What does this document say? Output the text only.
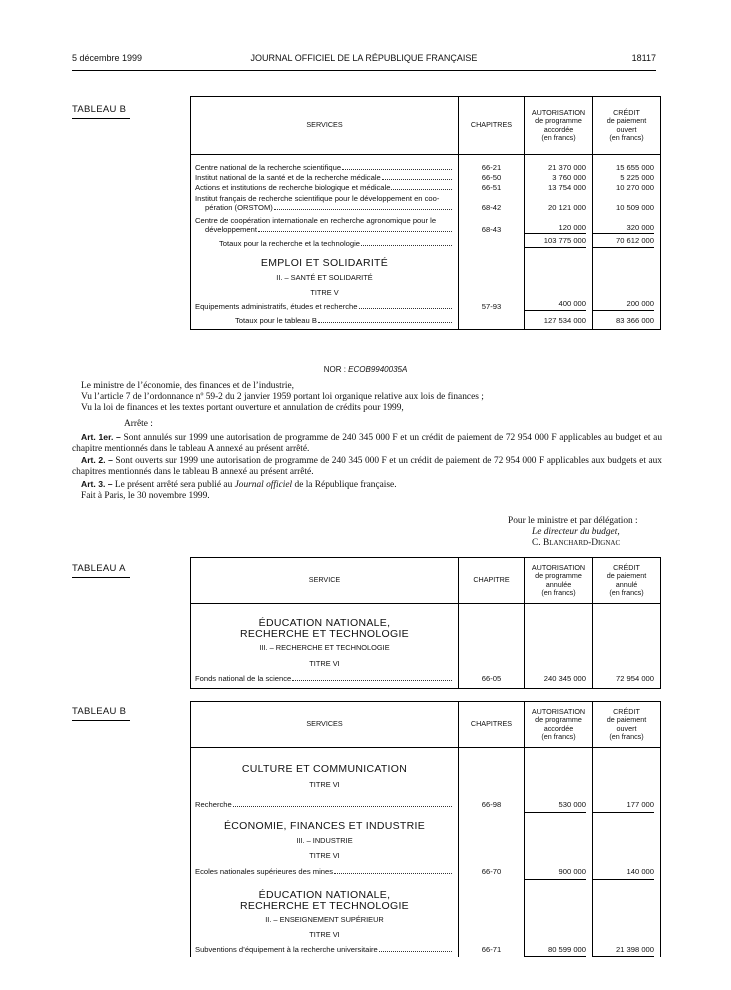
5 décembre 1999	JOURNAL OFFICIEL DE LA RÉPUBLIQUE FRANÇAISE	18117
TABLEAU B
SERVICES	CHAPITRES	AUTORISATION
de programme
accordée
(en francs)	CRÉDIT
de paiement
ouvert
(en francs)

Centre national de la recherche scientifique	66-21	21 370 000	15 655 000

Institut national de la santé et de la recherche médicale	66-50	3 760 000	5 225 000

Actions et institutions de recherche biologique et médicale	66-51	13 754 000	10 270 000

Institut français de recherche scientifique pour le développement en coo-
pération (ORSTOM)	68-42	20 121 000	10 509 000

Centre de coopération internationale en recherche agronomique pour le
développement	68-43	120 000	320 000

Totaux pour la recherche et la technologie		103 775 000	70 612 000

EMPLOI ET SOLIDARITÉ
II. – SANTÉ ET SOLIDARITÉ
TITRE V			

Equipements administratifs, études et recherche	57-93	400 000	200 000

Totaux pour le tableau B		127 534 000	83 366 000
NOR : ECOB9940035A

Le ministre de l’économie, des finances et de l’industrie,

Vu l’article 7 de l’ordonnance nº 59-2 du 2 janvier 1959 portant loi organique relative aux lois de finances ;

Vu la loi de finances et les textes portant ouverture et annulation de crédits pour 1999,

Arrête :

Art. 1er. – Sont annulés sur 1999 une autorisation de programme de 240 345 000 F et un crédit de paiement de 72 954 000 F applicables au budget et au chapitre mentionnés dans le tableau A annexé au présent arrêté.

Art. 2. – Sont ouverts sur 1999 une autorisation de programme de 240 345 000 F et un crédit de paiement de 72 954 000 F applicables aux budgets et aux chapitres mentionnés dans le tableau B annexé au présent arrêté.

Art. 3. – Le présent arrêté sera publié au Journal officiel de la République française.

Fait à Paris, le 30 novembre 1999.

Pour le ministre et par délégation :
Le directeur du budget,
C. Blanchard-Dignac
TABLEAU A
SERVICE	CHAPITRE	AUTORISATION
de programme
annulée
(en francs)	CRÉDIT
de paiement
annulé
(en francs)

ÉDUCATION NATIONALE,
RECHERCHE ET TECHNOLOGIE
III. – RECHERCHE ET TECHNOLOGIE
TITRE VI			

Fonds national de la science	66-05	240 345 000	72 954 000
TABLEAU B
SERVICES	CHAPITRES	AUTORISATION
de programme
accordée
(en francs)	CRÉDIT
de paiement
ouvert
(en francs)

CULTURE ET COMMUNICATION
TITRE VI			

Recherche	66-98	530 000	177 000

ÉCONOMIE, FINANCES ET INDUSTRIE
III. – INDUSTRIE
TITRE VI			

Ecoles nationales supérieures des mines	66-70	900 000	140 000

ÉDUCATION NATIONALE,
RECHERCHE ET TECHNOLOGIE
II. – ENSEIGNEMENT SUPÉRIEUR
TITRE VI			

Subventions d’équipement à la recherche universitaire	66-71	80 599 000	21 398 000
